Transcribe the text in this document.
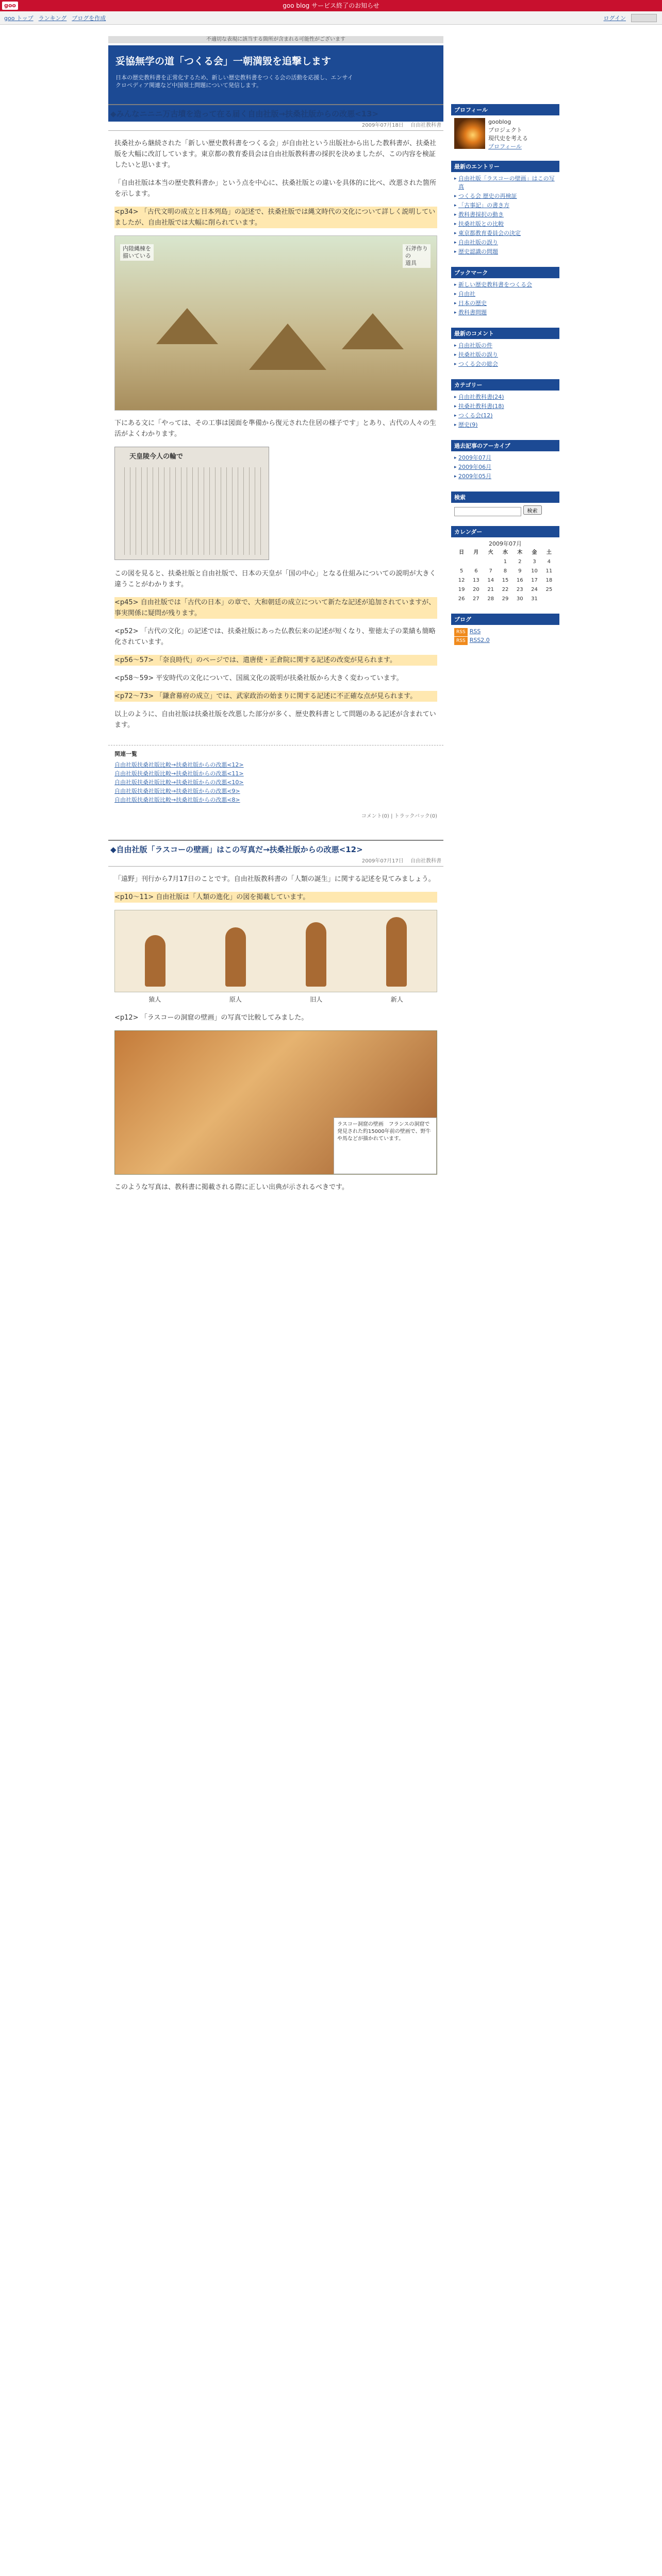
goo	goo blog サービス終了のお知らせ
goo トップ ランキング ブログを作成	ログイン
不適切な表現に該当する箇所が含まれる可能性がございます
妥協無学の道「つくる会」一朝満毀を追撃します
日本の歴史教科書を正常化するため、新しい歴史教科書をつくる会の活動を応援し、エンサイクロペディア関連など中国領土問題について発信します。
◆みんなニニニ万古墳を造って在る届く自由社版→扶桑社版からの改悪<13>
2009年07月18日 自由社教科書

扶桑社から継続された「新しい歴史教科書をつくる会」が自由社という出版社から出した教科書が、扶桑社版を大幅に改訂しています。東京都の教育委員会は自由社版教科書の採択を決めましたが、この内容を検証したいと思います。

「自由社版は本当の歴史教科書か」という点を中心に、扶桑社版との違いを具体的に比べ、改悪された箇所を示します。

<p34> 「古代文明の成立と日本列島」の記述で、扶桑社版では縄文時代の文化について詳しく説明していましたが、自由社版では大幅に削られています。

内陸縄棟を
描いている
石斧作り
の
道具

下にある文に「やっては、その工事は図面を準備から復元された住居の様子です」とあり、古代の人々の生活がよくわかります。

天皇陵今人の輪で

この図を見ると、扶桑社版と自由社版で、日本の天皇が「国の中心」となる仕組みについての説明が大きく違うことがわかります。

<p45> 自由社版では「古代の日本」の章で、大和朝廷の成立について新たな記述が追加されていますが、事実関係に疑問が残ります。

<p52> 「古代の文化」の記述では、扶桑社版にあった仏教伝来の記述が短くなり、聖徳太子の業績も簡略化されています。

<p56〜57> 「奈良時代」のページでは、遣唐使・正倉院に関する記述の改変が見られます。

<p58〜59> 平安時代の文化について、国風文化の説明が扶桑社版から大きく変わっています。

<p72〜73> 「鎌倉幕府の成立」では、武家政治の始まりに関する記述に不正確な点が見られます。

以上のように、自由社版は扶桑社版を改悪した部分が多く、歴史教科書として問題のある記述が含まれています。

関連一覧
自由社版扶桑社版比較→扶桑社版からの改悪<12>
自由社版扶桑社版比較→扶桑社版からの改悪<11>
自由社版扶桑社版比較→扶桑社版からの改悪<10>
自由社版扶桑社版比較→扶桑社版からの改悪<9>
自由社版扶桑社版比較→扶桑社版からの改悪<8>
コメント(0) | トラックバック(0)
◆自由社版「ラスコーの壁画」はこの写真だ→扶桑社版からの改悪<12>
2009年07月17日 自由社教科書

「遠野」刊行から7月17日のことです。自由社版教科書の「人類の誕生」に関する記述を見てみましょう。

<p10〜11> 自由社版は「人類の進化」の図を掲載しています。

猿人	原人	旧人	新人

<p12> 「ラスコーの洞窟の壁画」の写真で比較してみました。

ラスコー洞窟の壁画　フランスの洞窟で発見された約15000年前の壁画で、野牛や馬などが描かれています。

このような写真は、教科書に掲載される際に正しい出典が示されるべきです。

プロフィール
gooblog
プロジェクト
現代史を考える
プロフィール
最新のエントリー
▸ 自由社版「ラスコーの壁画」はこの写真
▸ つくる会 歴史の再検証
▸ 「古事記」の書き方
▸ 教科書採択の動き
▸ 扶桑社版との比較
▸ 東京都教育委員会の決定
▸ 自由社版の誤り
▸ 歴史認識の問題
ブックマーク
▸ 新しい歴史教科書をつくる会
▸ 自由社
▸ 日本の歴史
▸ 教科書問題
最新のコメント
▸ 自由社版の件
▸ 扶桑社版の誤り
▸ つくる会の総会
カテゴリー
▸ 自由社教科書(24)
▸ 扶桑社教科書(18)
▸ つくる会(12)
▸ 歴史(9)
過去記事のアーカイブ
▸ 2009年07月
▸ 2009年06月
▸ 2009年05月
検索
検索
カレンダー
2009年07月
日	月	火	水	木	金	土
			1	2	3	4
5	6	7	8	9	10	11
12	13	14	15	16	17	18
19	20	21	22	23	24	25
26	27	28	29	30	31	
ブログ
RSS RSS
RSS RSS2.0
